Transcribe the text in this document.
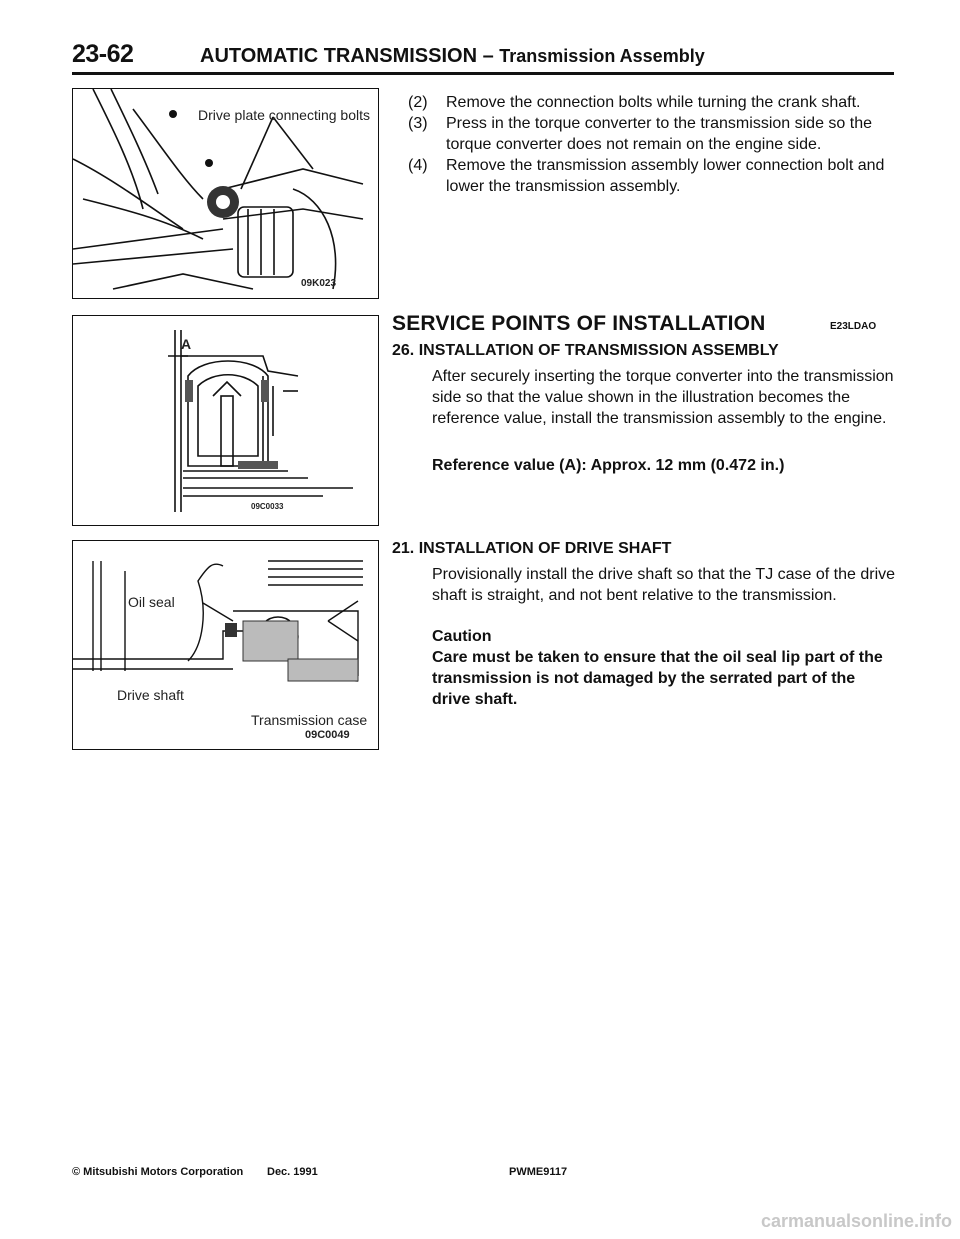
23-62	AUTOMATIC TRANSMISSION – Transmission Assembly
Drive plate connecting bolts
09K023
A
09C0033
Oil seal
Drive shaft
Transmission case
09C0049

(2) Remove the connection bolts while turning the crank shaft.

(3) Press in the torque converter to the transmission side so the torque converter does not remain on the engine side.

(4) Remove the transmission assembly lower connection bolt and lower the transmission assembly.

SERVICE POINTS OF INSTALLATION	E23LDAO
26. INSTALLATION OF TRANSMISSION ASSEMBLY
After securely inserting the torque converter into the transmission side so that the value shown in the illustration becomes the reference value, install the transmission assembly to the engine.
Reference value (A): Approx. 12 mm (0.472 in.)
21. INSTALLATION OF DRIVE SHAFT
Provisionally install the drive shaft so that the TJ case of the drive shaft is straight, and not bent relative to the transmission.
Caution
Care must be taken to ensure that the oil seal lip part of the transmission is not damaged by the serrated part of the drive shaft.
© Mitsubishi Motors Corporation Dec. 1991	PWME9117
carmanualsonline.info
